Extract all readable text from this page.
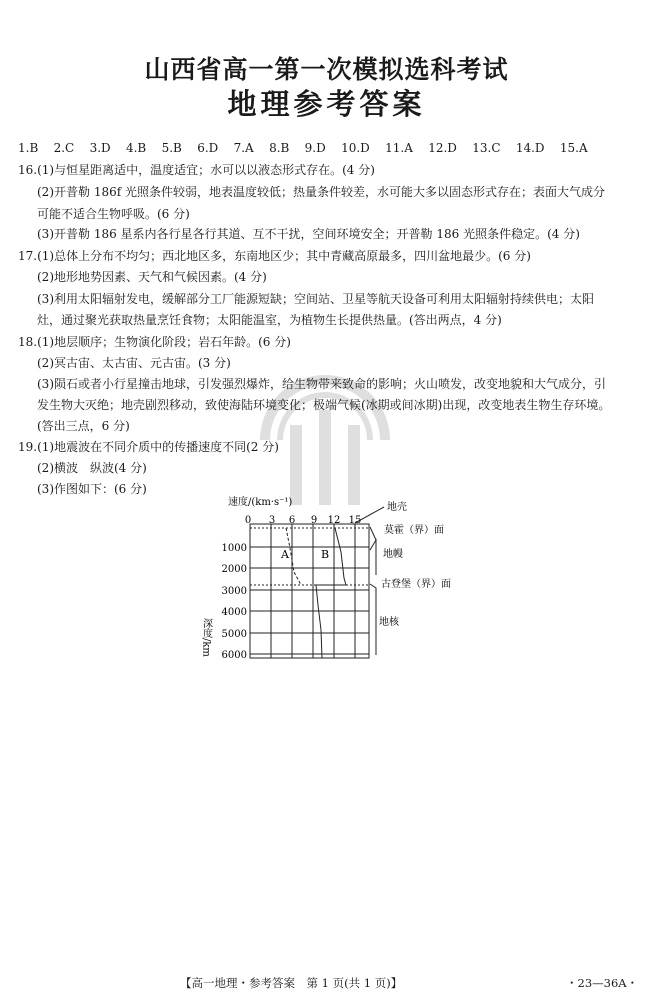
山西省高一第一次模拟选科考试
地理参考答案
1.B 2.C 3.D 4.B 5.B 6.D 7.A 8.B 9.D 10.D 11.A 12.D 13.C 14.D 15.A
16.(1)与恒星距离适中，温度适宜；水可以以液态形式存在。(4 分)
(2)开普勒 186f 光照条件较弱，地表温度较低；热量条件较差，水可能大多以固态形式存在；表面大气成分
可能不适合生物呼吸。(6 分)
(3)开普勒 186 星系内各行星各行其道、互不干扰，空间环境安全；开普勒 186 光照条件稳定。(4 分)
17.(1)总体上分布不均匀；西北地区多，东南地区少；其中青藏高原最多，四川盆地最少。(6 分)
(2)地形地势因素、天气和气候因素。(4 分)
(3)利用太阳辐射发电，缓解部分工厂能源短缺；空间站、卫星等航天设备可利用太阳辐射持续供电；太阳
灶，通过聚光获取热量烹饪食物；太阳能温室，为植物生长提供热量。(答出两点，4 分)
18.(1)地层顺序；生物演化阶段；岩石年龄。(6 分)
(2)冥古宙、太古宙、元古宙。(3 分)
(3)陨石或者小行星撞击地球，引发强烈爆炸，给生物带来致命的影响；火山喷发，改变地貌和大气成分，引
发生物大灭绝；地壳剧烈移动，致使海陆环境变化；极端气候(冰期或间冰期)出现，改变地表生物生存环境。
(答出三点，6 分)
19.(1)地震波在不同介质中的传播速度不同(2 分)
(2)横波　纵波(4 分)
(3)作图如下：(6 分)
速度/(km·s⁻¹)
0 3 6 9 12 15
A	B
1000
2000
3000
4000
5000
6000
深度/km
地壳
莫霍（界）面
地幔
古登堡（界）面
地核
【高一地理・参考答案　第 1 页(共 1 页)】	・23—36A・
